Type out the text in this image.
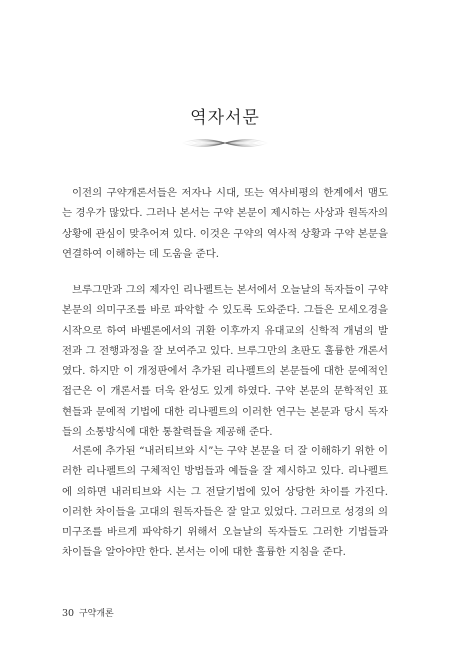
역자서문

이전의 구약개론서들은 저자나 시대, 또는 역사비평의 한계에서 맴도는 경우가 많았다. 그러나 본서는 구약 본문이 제시하는 사상과 원독자의 상황에 관심이 맞추어져 있다. 이것은 구약의 역사적 상황과 구약 본문을 연결하여 이해하는 데 도움을 준다.

브루그만과 그의 제자인 리나펠트는 본서에서 오늘날의 독자들이 구약 본문의 의미구조를 바로 파악할 수 있도록 도와준다. 그들은 모세오경을 시작으로 하여 바벨론에서의 귀환 이후까지 유대교의 신학적 개념의 발전과 그 전행과정을 잘 보여주고 있다. 브루그만의 초판도 훌륭한 개론서였다. 하지만 이 개정판에서 추가된 리나펠트의 본문들에 대한 문예적인 접근은 이 개론서를 더욱 완성도 있게 하였다. 구약 본문의 문학적인 표현들과 문예적 기법에 대한 리나펠트의 이러한 연구는 본문과 당시 독자들의 소통방식에 대한 통찰력들을 제공해 준다.

서론에 추가된 “내러티브와 시”는 구약 본문을 더 잘 이해하기 위한 이러한 리나펠트의 구체적인 방법들과 예들을 잘 제시하고 있다. 리나펠트에 의하면 내러티브와 시는 그 전달기법에 있어 상당한 차이를 가진다. 이러한 차이들을 고대의 원독자들은 잘 알고 있었다. 그러므로 성경의 의미구조를 바르게 파악하기 위해서 오늘날의 독자들도 그러한 기법들과 차이들을 알아야만 한다. 본서는 이에 대한 훌륭한 지침을 준다.

30 구약개론
